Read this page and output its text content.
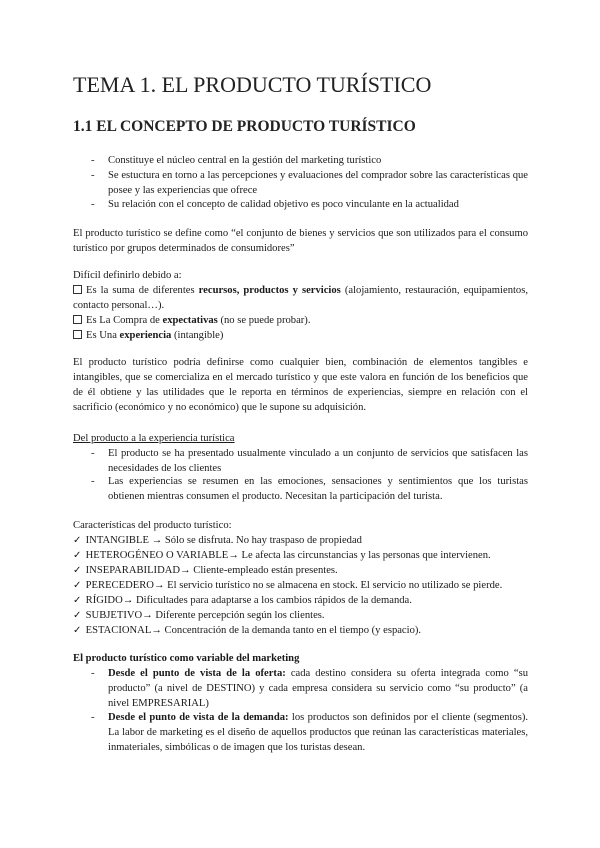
TEMA 1. EL PRODUCTO TURÍSTICO
1.1 EL CONCEPTO DE PRODUCTO TURÍSTICO
-	Constituye el núcleo central en la gestión del marketing turístico
-	Se estuctura en torno a las percepciones y evaluaciones del comprador sobre las características que posee y las experiencias que ofrece
-	Su relación con el concepto de calidad objetivo es poco vinculante en la actualidad
El producto turístico se define como “el conjunto de bienes y servicios que son utilizados para el consumo turístico por grupos determinados de consumidores”
Difícil definirlo debido a:
Es la suma de diferentes recursos, productos y servicios (alojamiento, restauración, equipamientos, contacto personal…).
Es La Compra de expectativas (no se puede probar).
Es Una experiencia (intangible)
El producto turístico podría definirse como cualquier bien, combinación de elementos tangibles e intangibles, que se comercializa en el mercado turístico y que este valora en función de los beneficios que de él obtiene y las utilidades que le reporta en términos de experiencias, siempre en relación con el sacrificio (económico y no económico) que le supone su adquisición.
Del producto a la experiencia turística
-	El producto se ha presentado usualmente vinculado a un conjunto de servicios que satisfacen las necesidades de los clientes
-	Las experiencias se resumen en las emociones, sensaciones y sentimientos que los turistas obtienen mientras consumen el producto. Necesitan la participación del turista.
Características del producto turístico:
✓ INTANGIBLE → Sólo se disfruta. No hay traspaso de propiedad
✓ HETEROGÉNEO O VARIABLE→ Le afecta las circunstancias y las personas que intervienen.
✓ INSEPARABILIDAD→ Cliente-empleado están presentes.
✓ PERECEDERO→ El servicio turístico no se almacena en stock. El servicio no utilizado se pierde.
✓ RÍGIDO→ Dificultades para adaptarse a los cambios rápidos de la demanda.
✓ SUBJETIVO→ Diferente percepción según los clientes.
✓ ESTACIONAL→ Concentración de la demanda tanto en el tiempo (y espacio).
El producto turístico como variable del marketing
-	Desde el punto de vista de la oferta: cada destino considera su oferta integrada como “su producto” (a nivel de DESTINO) y cada empresa considera su servicio como “su producto” (a nivel EMPRESARIAL)
-	Desde el punto de vista de la demanda: los productos son definidos por el cliente (segmentos). La labor de marketing es el diseño de aquellos productos que reúnan las características materiales, inmateriales, simbólicas o de imagen que los turistas desean.
